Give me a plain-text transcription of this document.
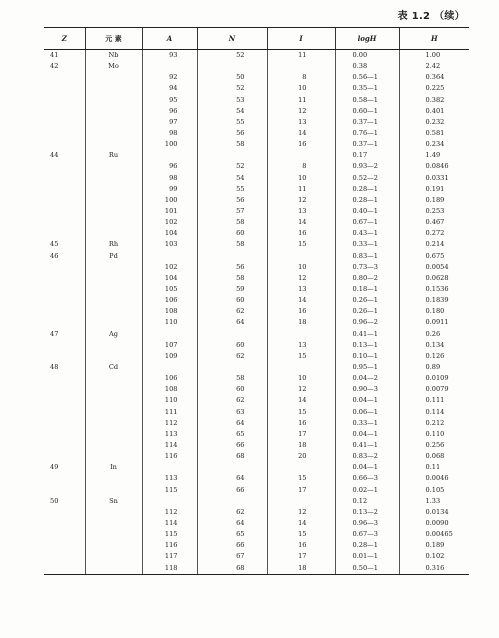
表 1.2 （续）
Z	元 素	A	N	I	logH	H
41	Nb	93	52	11	0.00	1.00
42	Mo				0.38	2.42
		92	50	8	0.56—1	0.364
		94	52	10	0.35—1	0.225
		95	53	11	0.58—1	0.382
		96	54	12	0.60—1	0.401
		97	55	13	0.37—1	0.232
		98	56	14	0.76—1	0.581
		100	58	16	0.37—1	0.234
44	Ru				0.17	1.49
		96	52	8	0.93—2	0.0846
		98	54	10	0.52—2	0.0331
		99	55	11	0.28—1	0.191
		100	56	12	0.28—1	0.189
		101	57	13	0.40—1	0.253
		102	58	14	0.67—1	0.467
		104	60	16	0.43—1	0.272
45	Rh	103	58	15	0.33—1	0.214
46	Pd				0.83—1	0.675
		102	56	10	0.73—3	0.0054
		104	58	12	0.80—2	0.0628
		105	59	13	0.18—1	0.1536
		106	60	14	0.26—1	0.1839
		108	62	16	0.26—1	0.180
		110	64	18	0.96—2	0.0911
47	Ag				0.41—1	0.26
		107	60	13	0.13—1	0.134
		109	62	15	0.10—1	0.126
48	Cd				0.95—1	0.89
		106	58	10	0.04—2	0.0109
		108	60	12	0.90—3	0.0079
		110	62	14	0.04—1	0.111
		111	63	15	0.06—1	0.114
		112	64	16	0.33—1	0.212
		113	65	17	0.04—1	0.110
		114	66	18	0.41—1	0.256
		116	68	20	0.83—2	0.068
49	In				0.04—1	0.11
		113	64	15	0.66—3	0.0046
		115	66	17	0.02—1	0.105
50	Sn				0.12	1.33
		112	62	12	0.13—2	0.0134
		114	64	14	0.96—3	0.0090
		115	65	15	0.67—3	0.00465
		116	66	16	0.28—1	0.189
		117	67	17	0.01—1	0.102
		118	68	18	0.50—1	0.316
